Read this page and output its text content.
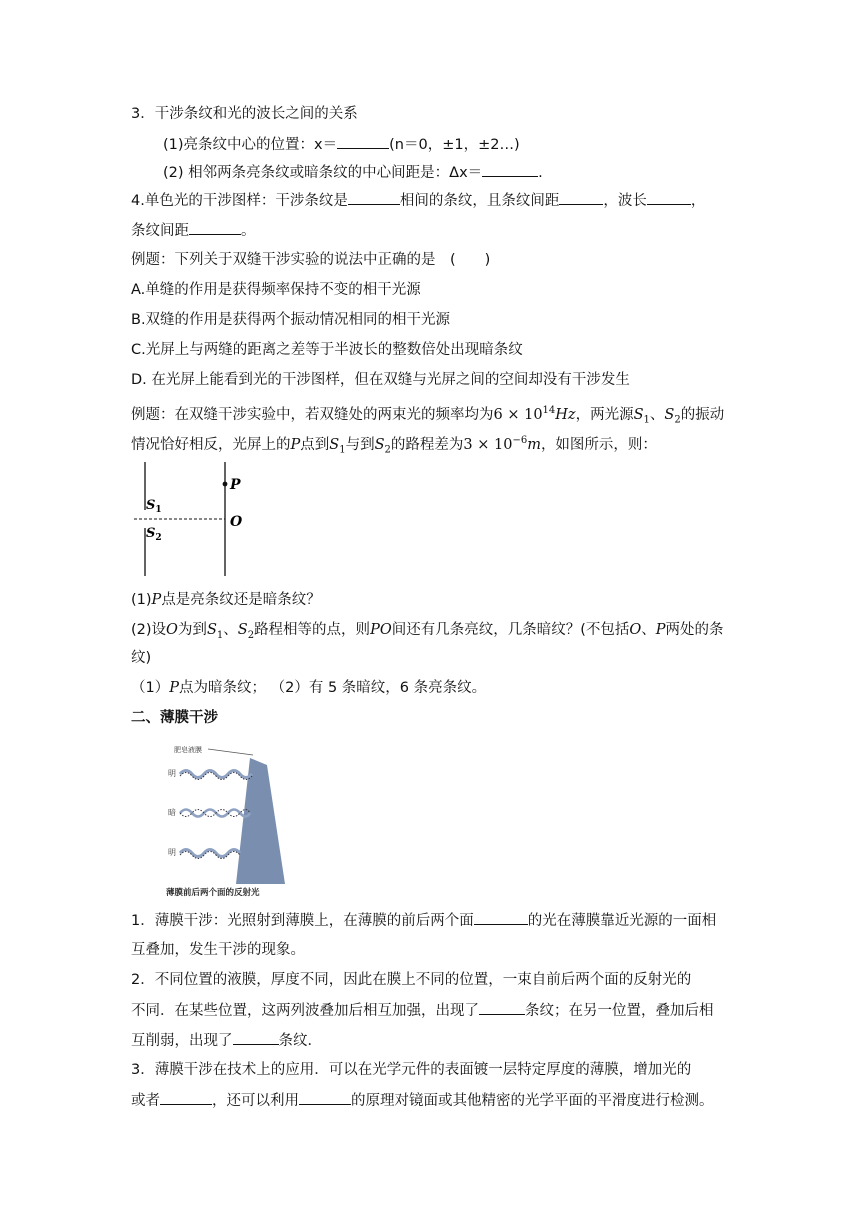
3．干涉条纹和光的波长之间的关系
(1)亮条纹中心的位置：x＝	(n＝0，±1，±2…)
(2) 相邻两条亮条纹或暗条纹的中心间距是：Δx＝	.
4.单色光的干涉图样：干涉条纹是	相间的条纹，且条纹间距	，波长	，
条纹间距	。
例题：下列关于双缝干涉实验的说法中正确的是　(　　)
A.单缝的作用是获得频率保持不变的相干光源
B.双缝的作用是获得两个振动情况相同的相干光源
C.光屏上与两缝的距离之差等于半波长的整数倍处出现暗条纹
D. 在光屏上能看到光的干涉图样，但在双缝与光屏之间的空间却没有干涉发生
例题：在双缝干涉实验中，若双缝处的两束光的频率均为$6 \times 10^{14}Hz$，两光源$S_1$、$S_2$的振动
情况恰好相反，光屏上的P点到$S_1$与到$S_2$的路程差为$3 \times 10^{-6}m$，如图所示，则：
P
O
$S_1$
$S_2$
(1)P点是亮条纹还是暗条纹？
(2)设O为到$S_1$、$S_2$路程相等的点，则PO间还有几条亮纹，几条暗纹？(不包括O、P两处的条
纹)
（1）P点为暗条纹； （2）有 5 条暗纹，6 条亮条纹。
二、薄膜干涉
肥皂液膜
明
暗
明
薄膜前后两个面的反射光
1．薄膜干涉：光照射到薄膜上，在薄膜的前后两个面	的光在薄膜靠近光源的一面相
互叠加，发生干涉的现象。
2．不同位置的液膜，厚度不同，因此在膜上不同的位置，一束自前后两个面的反射光的
不同．在某些位置，这两列波叠加后相互加强，出现了	条纹；在另一位置，叠加后相
互削弱，出现了	条纹．
3．薄膜干涉在技术上的应用．可以在光学元件的表面镀一层特定厚度的薄膜，增加光的
或者	，还可以利用	的原理对镜面或其他精密的光学平面的平滑度进行检测。
